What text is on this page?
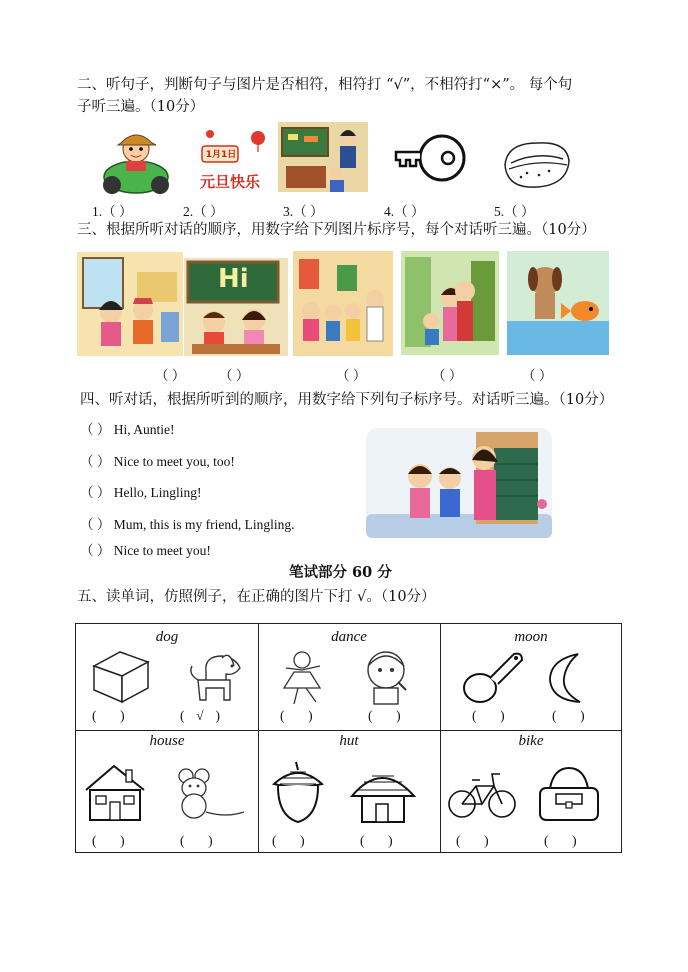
二、听句子，判断句子与图片是否相符，相符打 “√”，不相符打“×”。 每个句
子听三遍。（10分）
1月1日
元旦快乐
1.（ ）	2.（ ）	3.（ ）	4.（ ）	5.（ ）
三、根据所听对话的顺序，用数字给下列图片标序号，每个对话听三遍。（10分）
Hi
（ ） （ ）	（ ）	（ ）	（ ）
四、听对话，根据所听到的顺序，用数字给下列句子标序号。对话听三遍。（10分）
（ ） Hi, Auntie!
（ ） Nice to meet you, too!
（ ） Hello, Lingling!
（ ） Mum, this is my friend, Lingling.
（ ） Nice to meet you!
笔试部分 60 分
五、读单词，仿照例子，在正确的图片下打 √。（10分）
dog	dance	moon
(       )	( √ )	(       )	(       )	(       )	(       )
house	hut	bike
(       )	(       )	(       )	(       )	(       )	(       )
